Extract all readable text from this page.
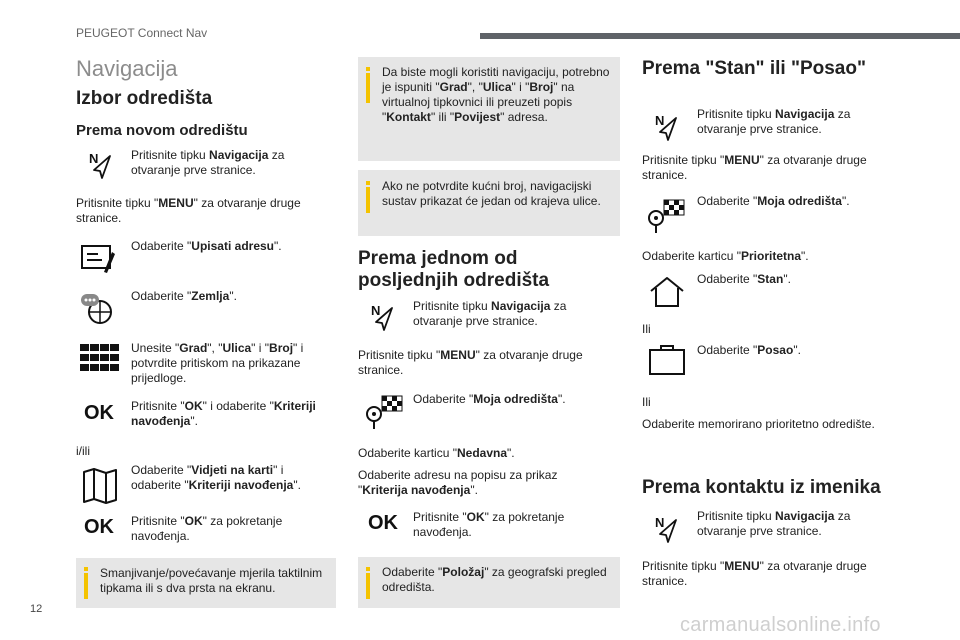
PEUGEOT Connect Nav
12
carmanualsonline.info
Navigacija
Izbor odredišta
Prema novom odredištu
N	Pritisnite tipku Navigacija za otvaranje prve stranice.
Pritisnite tipku "MENU" za otvaranje druge stranice.
Odaberite "Upisati adresu".
Odaberite "Zemlja".
Unesite "Grad", "Ulica" i "Broj" i potvrdite pritiskom na prikazane prijedloge.
OK Pritisnite "OK" i odaberite "Kriteriji navođenja".
i/ili
Odaberite "Vidjeti na karti" i odaberite "Kriteriji navođenja".
OK Pritisnite "OK" za pokretanje navođenja.
Smanjivanje/povećavanje mjerila taktilnim tipkama ili s dva prsta na ekranu.
Da biste mogli koristiti navigaciju, potrebno je ispuniti "Grad", "Ulica" i "Broj" na virtualnoj tipkovnici ili preuzeti popis "Kontakt" ili "Povijest" adresa.
Ako ne potvrdite kućni broj, navigacijski sustav prikazat će jedan od krajeva ulice.
Prema jednom od posljednjih odredišta
N	Pritisnite tipku Navigacija za otvaranje prve stranice.
Pritisnite tipku "MENU" za otvaranje druge stranice.
Odaberite "Moja odredišta".
Odaberite karticu "Nedavna".
Odaberite adresu na popisu za prikaz "Kriterija navođenja".
OK Pritisnite "OK" za pokretanje navođenja.
Odaberite "Položaj" za geografski pregled odredišta.
Prema "Stan" ili "Posao"
N	Pritisnite tipku Navigacija za otvaranje prve stranice.
Pritisnite tipku "MENU" za otvaranje druge stranice.
Odaberite "Moja odredišta".
Odaberite karticu "Prioritetna".
Odaberite "Stan".
Ili
Odaberite "Posao".
Ili
Odaberite memorirano prioritetno odredište.
Prema kontaktu iz imenika
N	Pritisnite tipku Navigacija za otvaranje prve stranice.
Pritisnite tipku "MENU" za otvaranje druge stranice.
